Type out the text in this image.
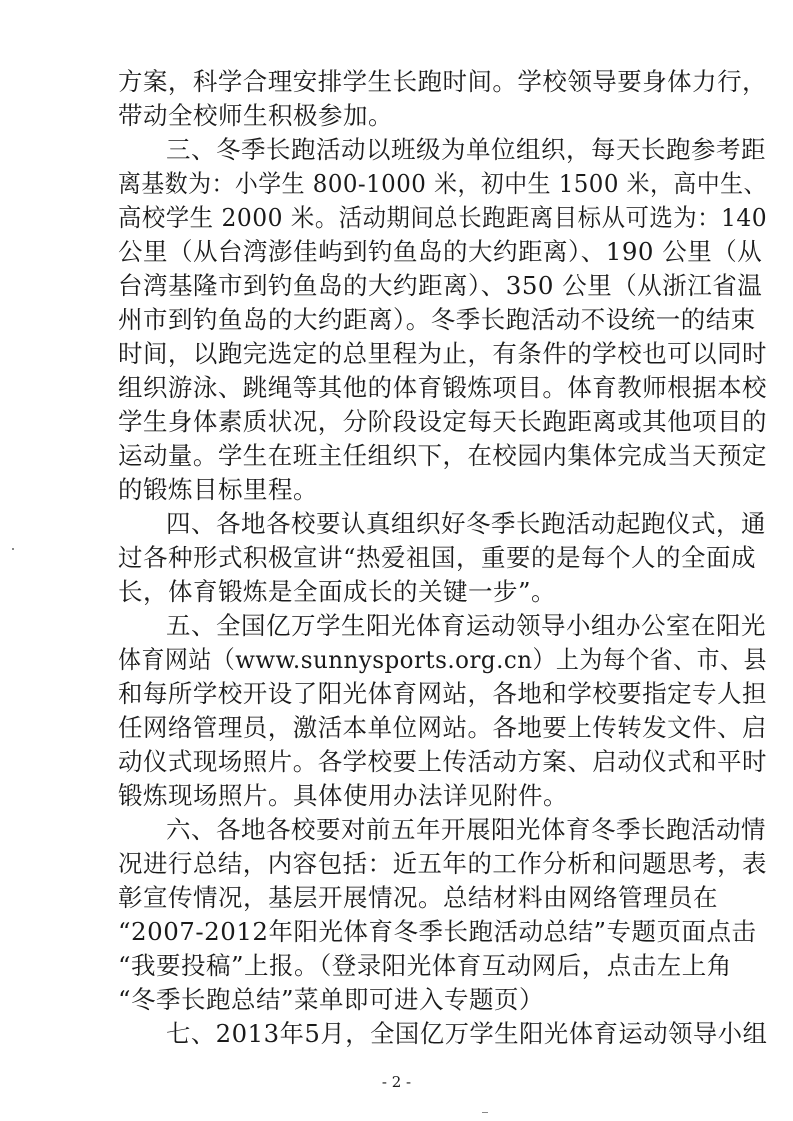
方案，科学合理安排学生长跑时间。学校领导要身体力行，
带动全校师生积极参加。
三、冬季长跑活动以班级为单位组织，每天长跑参考距
离基数为：小学生 800-1000 米，初中生 1500 米，高中生、
高校学生 2000 米。活动期间总长跑距离目标从可选为：140
公里（从台湾澎佳屿到钓鱼岛的大约距离）、190 公里（从
台湾基隆市到钓鱼岛的大约距离）、350 公里（从浙江省温
州市到钓鱼岛的大约距离）。冬季长跑活动不设统一的结束
时间，以跑完选定的总里程为止，有条件的学校也可以同时
组织游泳、跳绳等其他的体育锻炼项目。体育教师根据本校
学生身体素质状况，分阶段设定每天长跑距离或其他项目的
运动量。学生在班主任组织下，在校园内集体完成当天预定
的锻炼目标里程。
四、各地各校要认真组织好冬季长跑活动起跑仪式，通
过各种形式积极宣讲“热爱祖国，重要的是每个人的全面成
长，体育锻炼是全面成长的关键一步”。
五、全国亿万学生阳光体育运动领导小组办公室在阳光
体育网站（www.sunnysports.org.cn）上为每个省、市、县
和每所学校开设了阳光体育网站，各地和学校要指定专人担
任网络管理员，激活本单位网站。各地要上传转发文件、启
动仪式现场照片。各学校要上传活动方案、启动仪式和平时
锻炼现场照片。具体使用办法详见附件。
六、各地各校要对前五年开展阳光体育冬季长跑活动情
况进行总结，内容包括：近五年的工作分析和问题思考，表
彰宣传情况，基层开展情况。总结材料由网络管理员在
“2007-2012年阳光体育冬季长跑活动总结”专题页面点击
“我要投稿”上报。（登录阳光体育互动网后，点击左上角
“冬季长跑总结”菜单即可进入专题页）
七、2013年5月，全国亿万学生阳光体育运动领导小组
- 2 -
